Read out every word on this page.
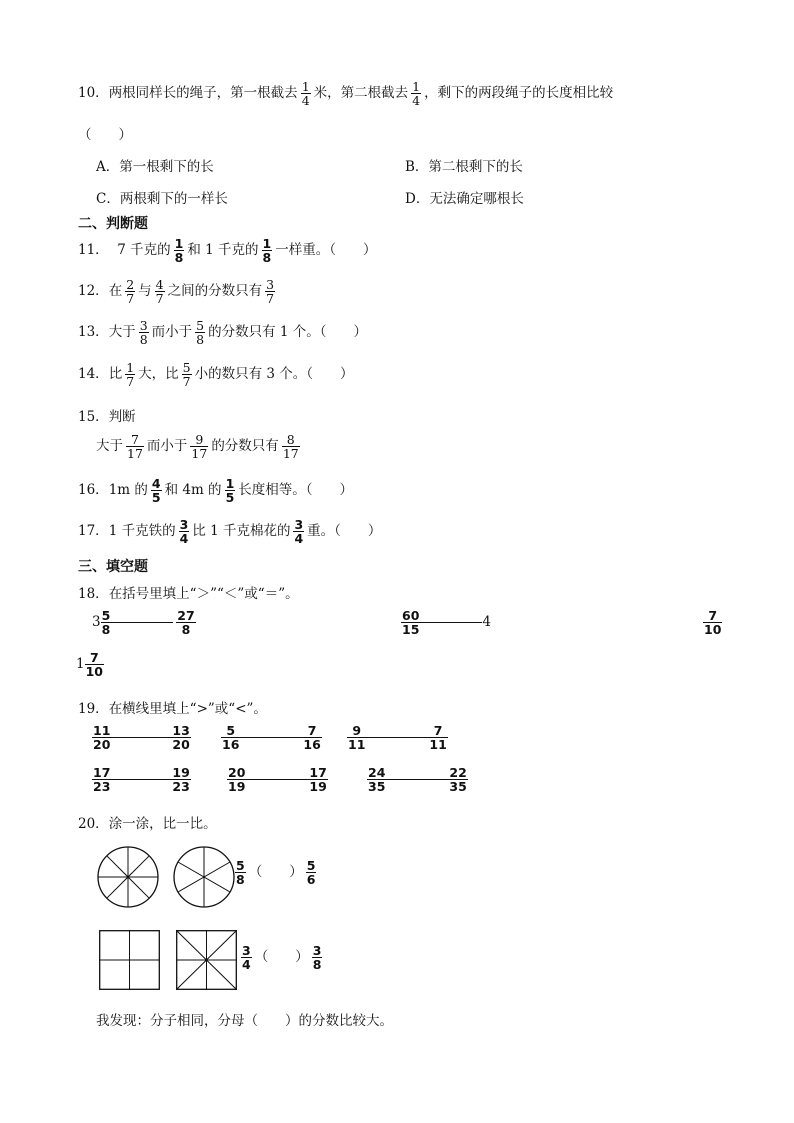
10．两根同样长的绳子，第一根截去 $\frac{1}{4}$ 米，第二根截去 $\frac{1}{4}$ ，剩下的两段绳子的长度相比较
（　　）
A．第一根剩下的长	B．第二根剩下的长
C．两根剩下的一样长	D．无法确定哪根长
二、判断题
11． 7 千克的 $\frac{1}{8}$ 和 1 千克的 $\frac{1}{8}$ 一样重。（　　）
12．在 $\frac{2}{7}$ 与 $\frac{4}{7}$ 之间的分数只有 $\frac{3}{7}$
13．大于 $\frac{3}{8}$ 而小于 $\frac{5}{8}$ 的分数只有 1 个。（　　）
14．比 $\frac{1}{7}$ 大，比 $\frac{5}{7}$ 小的数只有 3 个。（　　）
15．判断
大于 $\frac{7}{17}$ 而小于 $\frac{9}{17}$ 的分数只有 $\frac{8}{17}$
16．1m 的 $\frac{4}{5}$ 和 4m 的 $\frac{1}{5}$ 长度相等。（　　）
17．1 千克铁的 $\frac{3}{4}$ 比 1 千克棉花的 $\frac{3}{4}$ 重。（　　）
三、填空题
18．在括号里填上“＞”“＜”或“＝”。
$3 \frac{5}{8}$	$\frac{27}{8}$	$\frac{60}{15}$	4	$\frac{7}{10}$
$1 \frac{7}{10}$
19．在横线里填上“>”或“<”。
$\frac{11}{20}$	$\frac{13}{20} \frac{5}{16}$	$\frac{7}{16} \frac{9}{11}$	$\frac{7}{11}$
$\frac{17}{23}$	$\frac{19}{23}$	$\frac{20}{19}$	$\frac{17}{19}$	$\frac{24}{35}$	$\frac{22}{35}$
20．涂一涂，比一比。
$\frac{5}{8}$ （　　） $\frac{5}{6}$
$\frac{3}{4}$ （　　） $\frac{3}{8}$
我发现：分子相同，分母（　　）的分数比较大。
